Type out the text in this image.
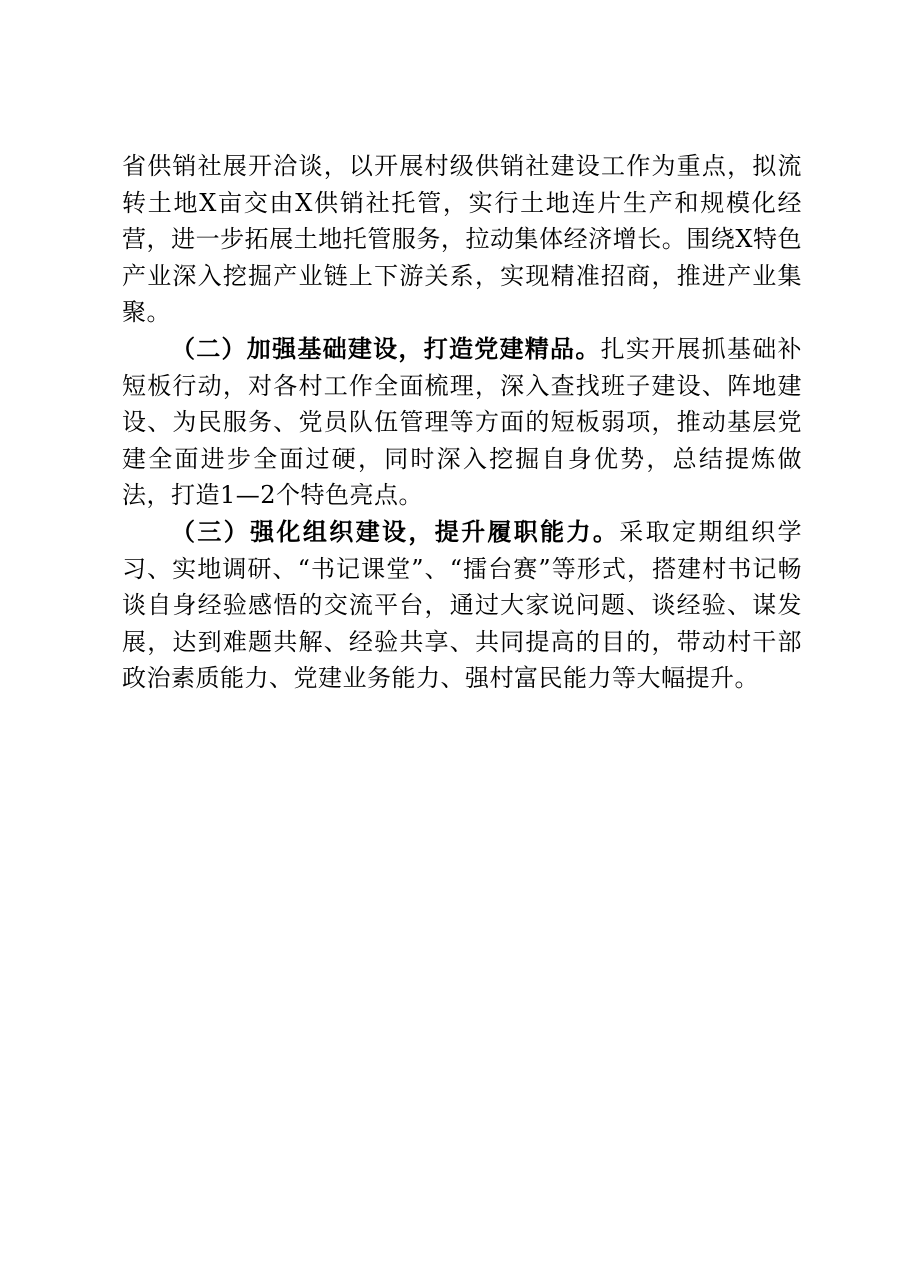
省供销社展开洽谈，以开展村级供销社建设工作为重点，拟流转土地X亩交由X供销社托管，实行土地连片生产和规模化经营，进一步拓展土地托管服务，拉动集体经济增长。围绕X特色产业深入挖掘产业链上下游关系，实现精准招商，推进产业集聚。

（二）加强基础建设，打造党建精品。扎实开展抓基础补短板行动，对各村工作全面梳理，深入查找班子建设、阵地建设、为民服务、党员队伍管理等方面的短板弱项，推动基层党建全面进步全面过硬，同时深入挖掘自身优势，总结提炼做法，打造1—2个特色亮点。

（三）强化组织建设，提升履职能力。采取定期组织学习、实地调研、“书记课堂”、“擂台赛”等形式，搭建村书记畅谈自身经验感悟的交流平台，通过大家说问题、谈经验、谋发展，达到难题共解、经验共享、共同提高的目的，带动村干部政治素质能力、党建业务能力、强村富民能力等大幅提升。
